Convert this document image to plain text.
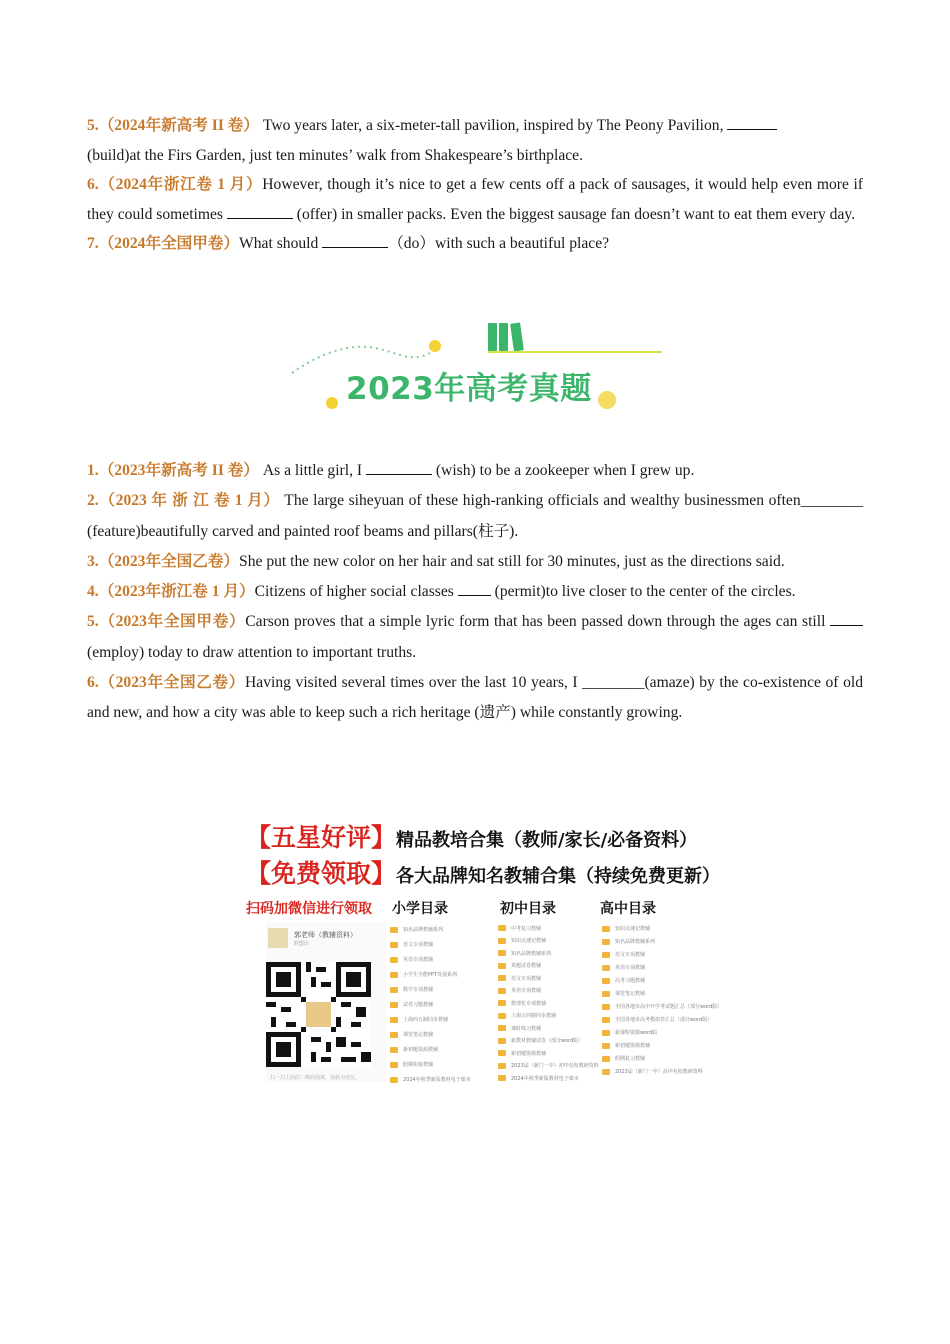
5.（2024年新高考 II 卷） Two years later, a six-meter-tall pavilion, inspired by The Peony Pavilion,
(build)at the Firs Garden, just ten minutes’ walk from Shakespeare’s birthplace.

6.（2024年浙江卷 1 月）However, though it’s nice to get a few cents off a pack of sausages, it would help even more if they could sometimes	(offer) in smaller packs. Even the biggest sausage fan doesn’t want to eat them every day.

7.（2024年全国甲卷）What should	（do）with such a beautiful place?

2023年高考真题

1.（2023年新高考 II 卷） As a little girl, I	(wish) to be a zookeeper when I grew up.

2.（2023 年 浙 江 卷 1 月） The large siheyuan of these high-ranking officials and wealthy businessmen often________ (feature)beautifully carved and painted roof beams and pillars(柱子).

3.（2023年全国乙卷）She put the new color on her hair and sat still for 30 minutes, just as the directions said.

4.（2023年浙江卷 1 月）Citizens of higher social classes  (permit)to live closer to the center of the circles.

5.（2023年全国甲卷）Carson proves that a simple lyric form that has been passed down through the ages can still  (employ) today to draw attention to important truths.

6.（2023年全国乙卷）Having visited several times over the last 10 years, I ________(amaze) by the co-existence of old and new, and how a city was able to keep such a rich heritage (遗产) while constantly growing.

【五星好评】精品教培合集（教师/家长/必备资料）
【免费领取】各大品牌知名教辅合集（持续免费更新）
扫码加微信进行领取 小学目录	初中目录	高中目录
郭老师（教辅资料）
联盟店
扫一扫上面的二维码图案，加我为朋友。
知名品牌教辅系列
语文专项教辅
英语专项教辅
小学生全能PPT发展系列
数学专项教辅
试卷习题教辅
上海四五制同步教辅
课堂笔记教辅
新初题资源教辅
假期衔接教辅
2024年秋季新版教材电子课本
中考复习教辅
知识点速记教辅
知名品牌教辅系列
真题试卷教辅
语文专项教辅
英语专项教辅
数理化专项教辅
上海五四制同步教辅
课时练习教辅
新教材教辅试卷（部分word版）
新初题资源教辅
2023届（新门一中）初中名校教研资料
2024年秋季新版教材电子课本
知识点速记教辅
知名品牌教辅系列
语文专项教辅
英语专项教辅
高考习题教辅
课堂笔记教辅
全国各地市高中开学考试题汇总（部分word版）
全国各地市高考模拟卷汇总（部分word版）
新课程资源word版
新初题资源教辅
假期复习教辅
2023届（新门一中）高中名校教研资料
